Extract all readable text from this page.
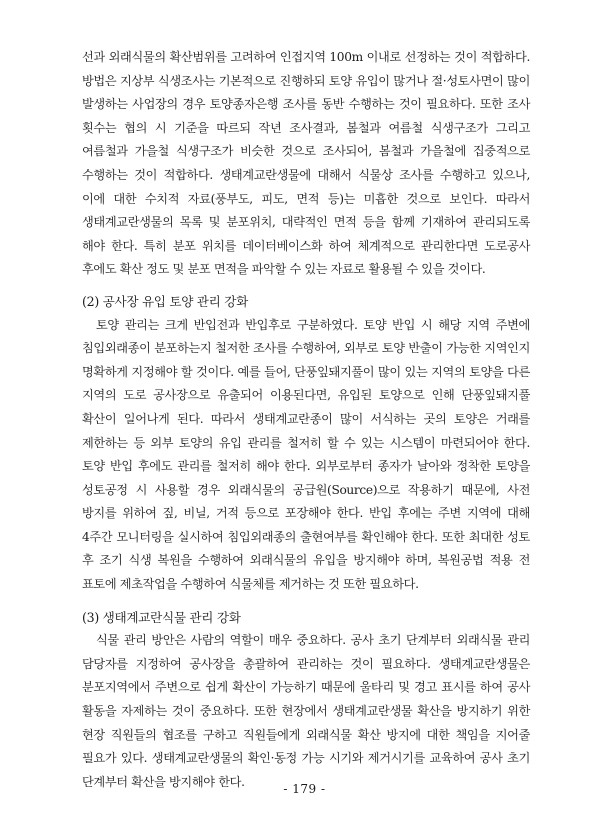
선과 외래식물의 확산범위를 고려하여 인접지역 100m 이내로 선정하는 것이 적합하다. 방법은 지상부 식생조사는 기본적으로 진행하되 토양 유입이 많거나 절·성토사면이 많이 발생하는 사업장의 경우 토양종자은행 조사를 동반 수행하는 것이 필요하다. 또한 조사 횟수는 협의 시 기준을 따르되 작년 조사결과, 봄철과 여름철 식생구조가 그리고 여름철과 가을철 식생구조가 비슷한 것으로 조사되어, 봄철과 가을철에 집중적으로 수행하는 것이 적합하다. 생태계교란생물에 대해서 식물상 조사를 수행하고 있으나, 이에 대한 수치적 자료(풍부도, 피도, 면적 등)는 미흡한 것으로 보인다. 따라서 생태계교란생물의 목록 및 분포위치, 대략적인 면적 등을 함께 기재하여 관리되도록 해야 한다. 특히 분포 위치를 데이터베이스화 하여 체계적으로 관리한다면 도로공사 후에도 확산 정도 및 분포 면적을 파악할 수 있는 자료로 활용될 수 있을 것이다.

(2) 공사장 유입 토양 관리 강화

토양 관리는 크게 반입전과 반입후로 구분하였다. 토양 반입 시 해당 지역 주변에 침입외래종이 분포하는지 철저한 조사를 수행하여, 외부로 토양 반출이 가능한 지역인지 명확하게 지정해야 할 것이다. 예를 들어, 단풍잎돼지풀이 많이 있는 지역의 토양을 다른 지역의 도로 공사장으로 유출되어 이용된다면, 유입된 토양으로 인해 단풍잎돼지풀 확산이 일어나게 된다. 따라서 생태계교란종이 많이 서식하는 곳의 토양은 거래를 제한하는 등 외부 토양의 유입 관리를 철저히 할 수 있는 시스템이 마련되어야 한다. 토양 반입 후에도 관리를 철저히 해야 한다. 외부로부터 종자가 날아와 정착한 토양을 성토공정 시 사용할 경우 외래식물의 공급원(Source)으로 작용하기 때문에, 사전 방지를 위하여 짚, 비닐, 거적 등으로 포장해야 한다. 반입 후에는 주변 지역에 대해 4주간 모니터링을 실시하여 침입외래종의 출현여부를 확인해야 한다. 또한 최대한 성토 후 조기 식생 복원을 수행하여 외래식물의 유입을 방지해야 하며, 복원공법 적용 전 표토에 제초작업을 수행하여 식물체를 제거하는 것 또한 필요하다.

(3) 생태계교란식물 관리 강화

식물 관리 방안은 사람의 역할이 매우 중요하다. 공사 초기 단계부터 외래식물 관리 담당자를 지정하여 공사장을 총괄하여 관리하는 것이 필요하다. 생태계교란생물은 분포지역에서 주변으로 쉽게 확산이 가능하기 때문에 울타리 및 경고 표시를 하여 공사 활동을 자제하는 것이 중요하다. 또한 현장에서 생태계교란생물 확산을 방지하기 위한 현장 직원들의 협조를 구하고 직원들에게 외래식물 확산 방지에 대한 책임을 지어줄 필요가 있다. 생태계교란생물의 확인·동정 가능 시기와 제거시기를 교육하여 공사 초기 단계부터 확산을 방지해야 한다.

- 179 -
